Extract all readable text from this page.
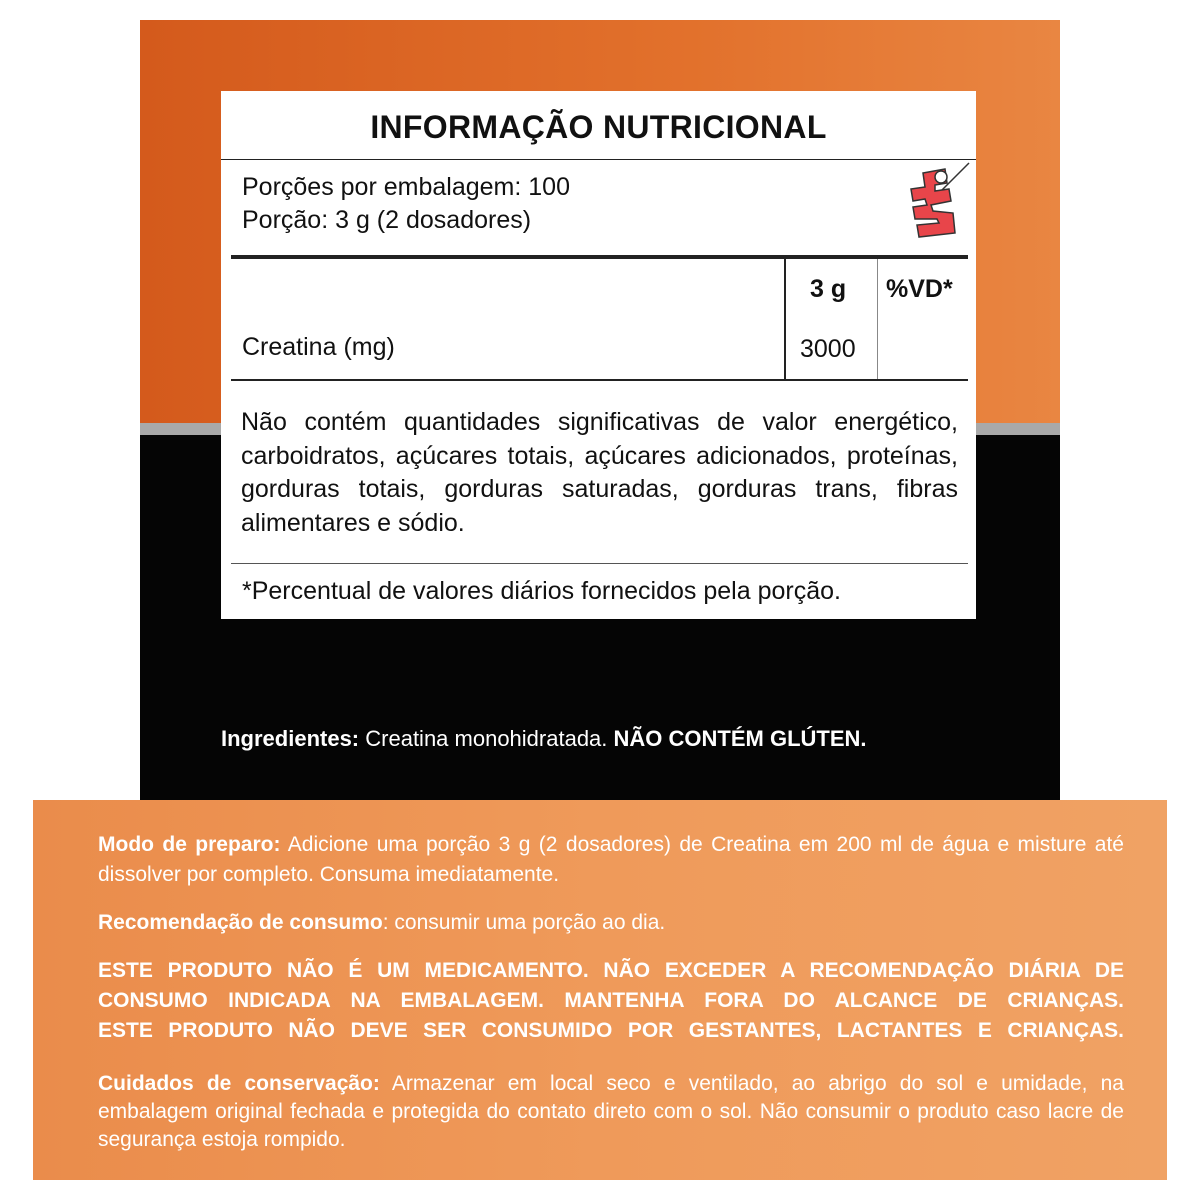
INFORMAÇÃO NUTRICIONAL
Porções por embalagem: 100
Porção: 3 g (2 dosadores)
3 g %VD*
Creatina (mg)	3000
Não contém quantidades significativas de valor energético, carboidratos, açúcares totais, açúcares adicionados, proteínas, gorduras totais, gorduras saturadas, gorduras trans, fibras alimentares e sódio.
*Percentual de valores diários fornecidos pela porção.
Ingredientes: Creatina monohidratada. NÃO CONTÉM GLÚTEN.
Modo de preparo: Adicione uma porção 3 g (2 dosadores) de Creatina em 200 ml de água e misture até dissolver por completo. Consuma imediatamente.
Recomendação de consumo: consumir uma porção ao dia.
ESTE PRODUTO NÃO É UM MEDICAMENTO. NÃO EXCEDER A RECOMENDAÇÃO DIÁRIA DE
CONSUMO INDICADA NA EMBALAGEM. MANTENHA FORA DO ALCANCE DE CRIANÇAS.
ESTE PRODUTO NÃO DEVE SER CONSUMIDO POR GESTANTES, LACTANTES E CRIANÇAS.
Cuidados de conservação: Armazenar em local seco e ventilado, ao abrigo do sol e umidade, na embalagem original fechada e protegida do contato direto com o sol. Não consumir o produto caso lacre de segurança estoja rompido.
